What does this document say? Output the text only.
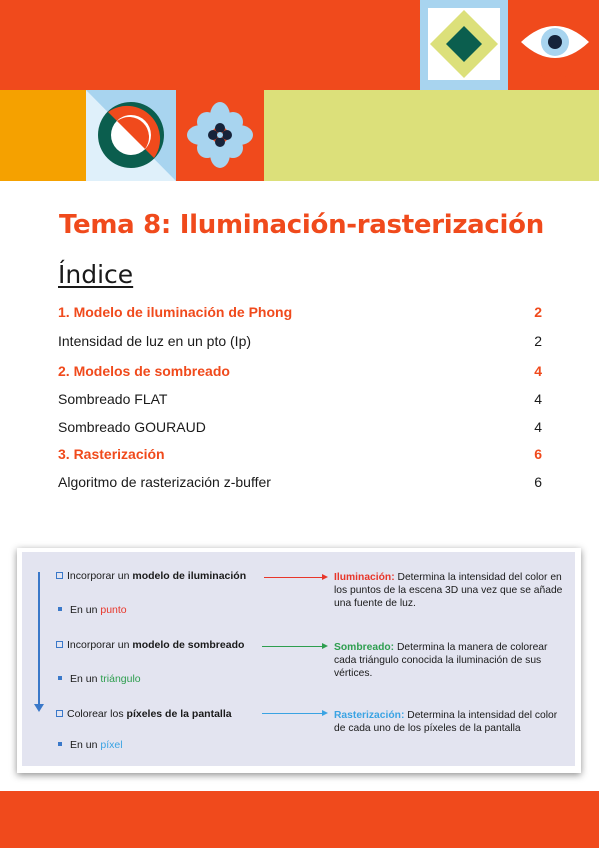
Tema 8: Iluminación-rasterización
Índice
1. Modelo de iluminación de Phong	2
Intensidad de luz en un pto (Ip)	2
2. Modelos de sombreado	4
Sombreado FLAT	4
Sombreado GOURAUD	4
3. Rasterización	6
Algoritmo de rasterización z-buffer	6
Incorporar un modelo de iluminación
En un punto
Iluminación: Determina la intensidad del color en los puntos de la escena 3D una vez que se añade una fuente de luz.
Incorporar un modelo de sombreado
En un triángulo
Sombreado: Determina la manera de colorear cada triángulo conocida la iluminación de sus vértices.
Colorear los píxeles de la pantalla
En un píxel
Rasterización: Determina la intensidad del color de cada uno de los píxeles de la pantalla
